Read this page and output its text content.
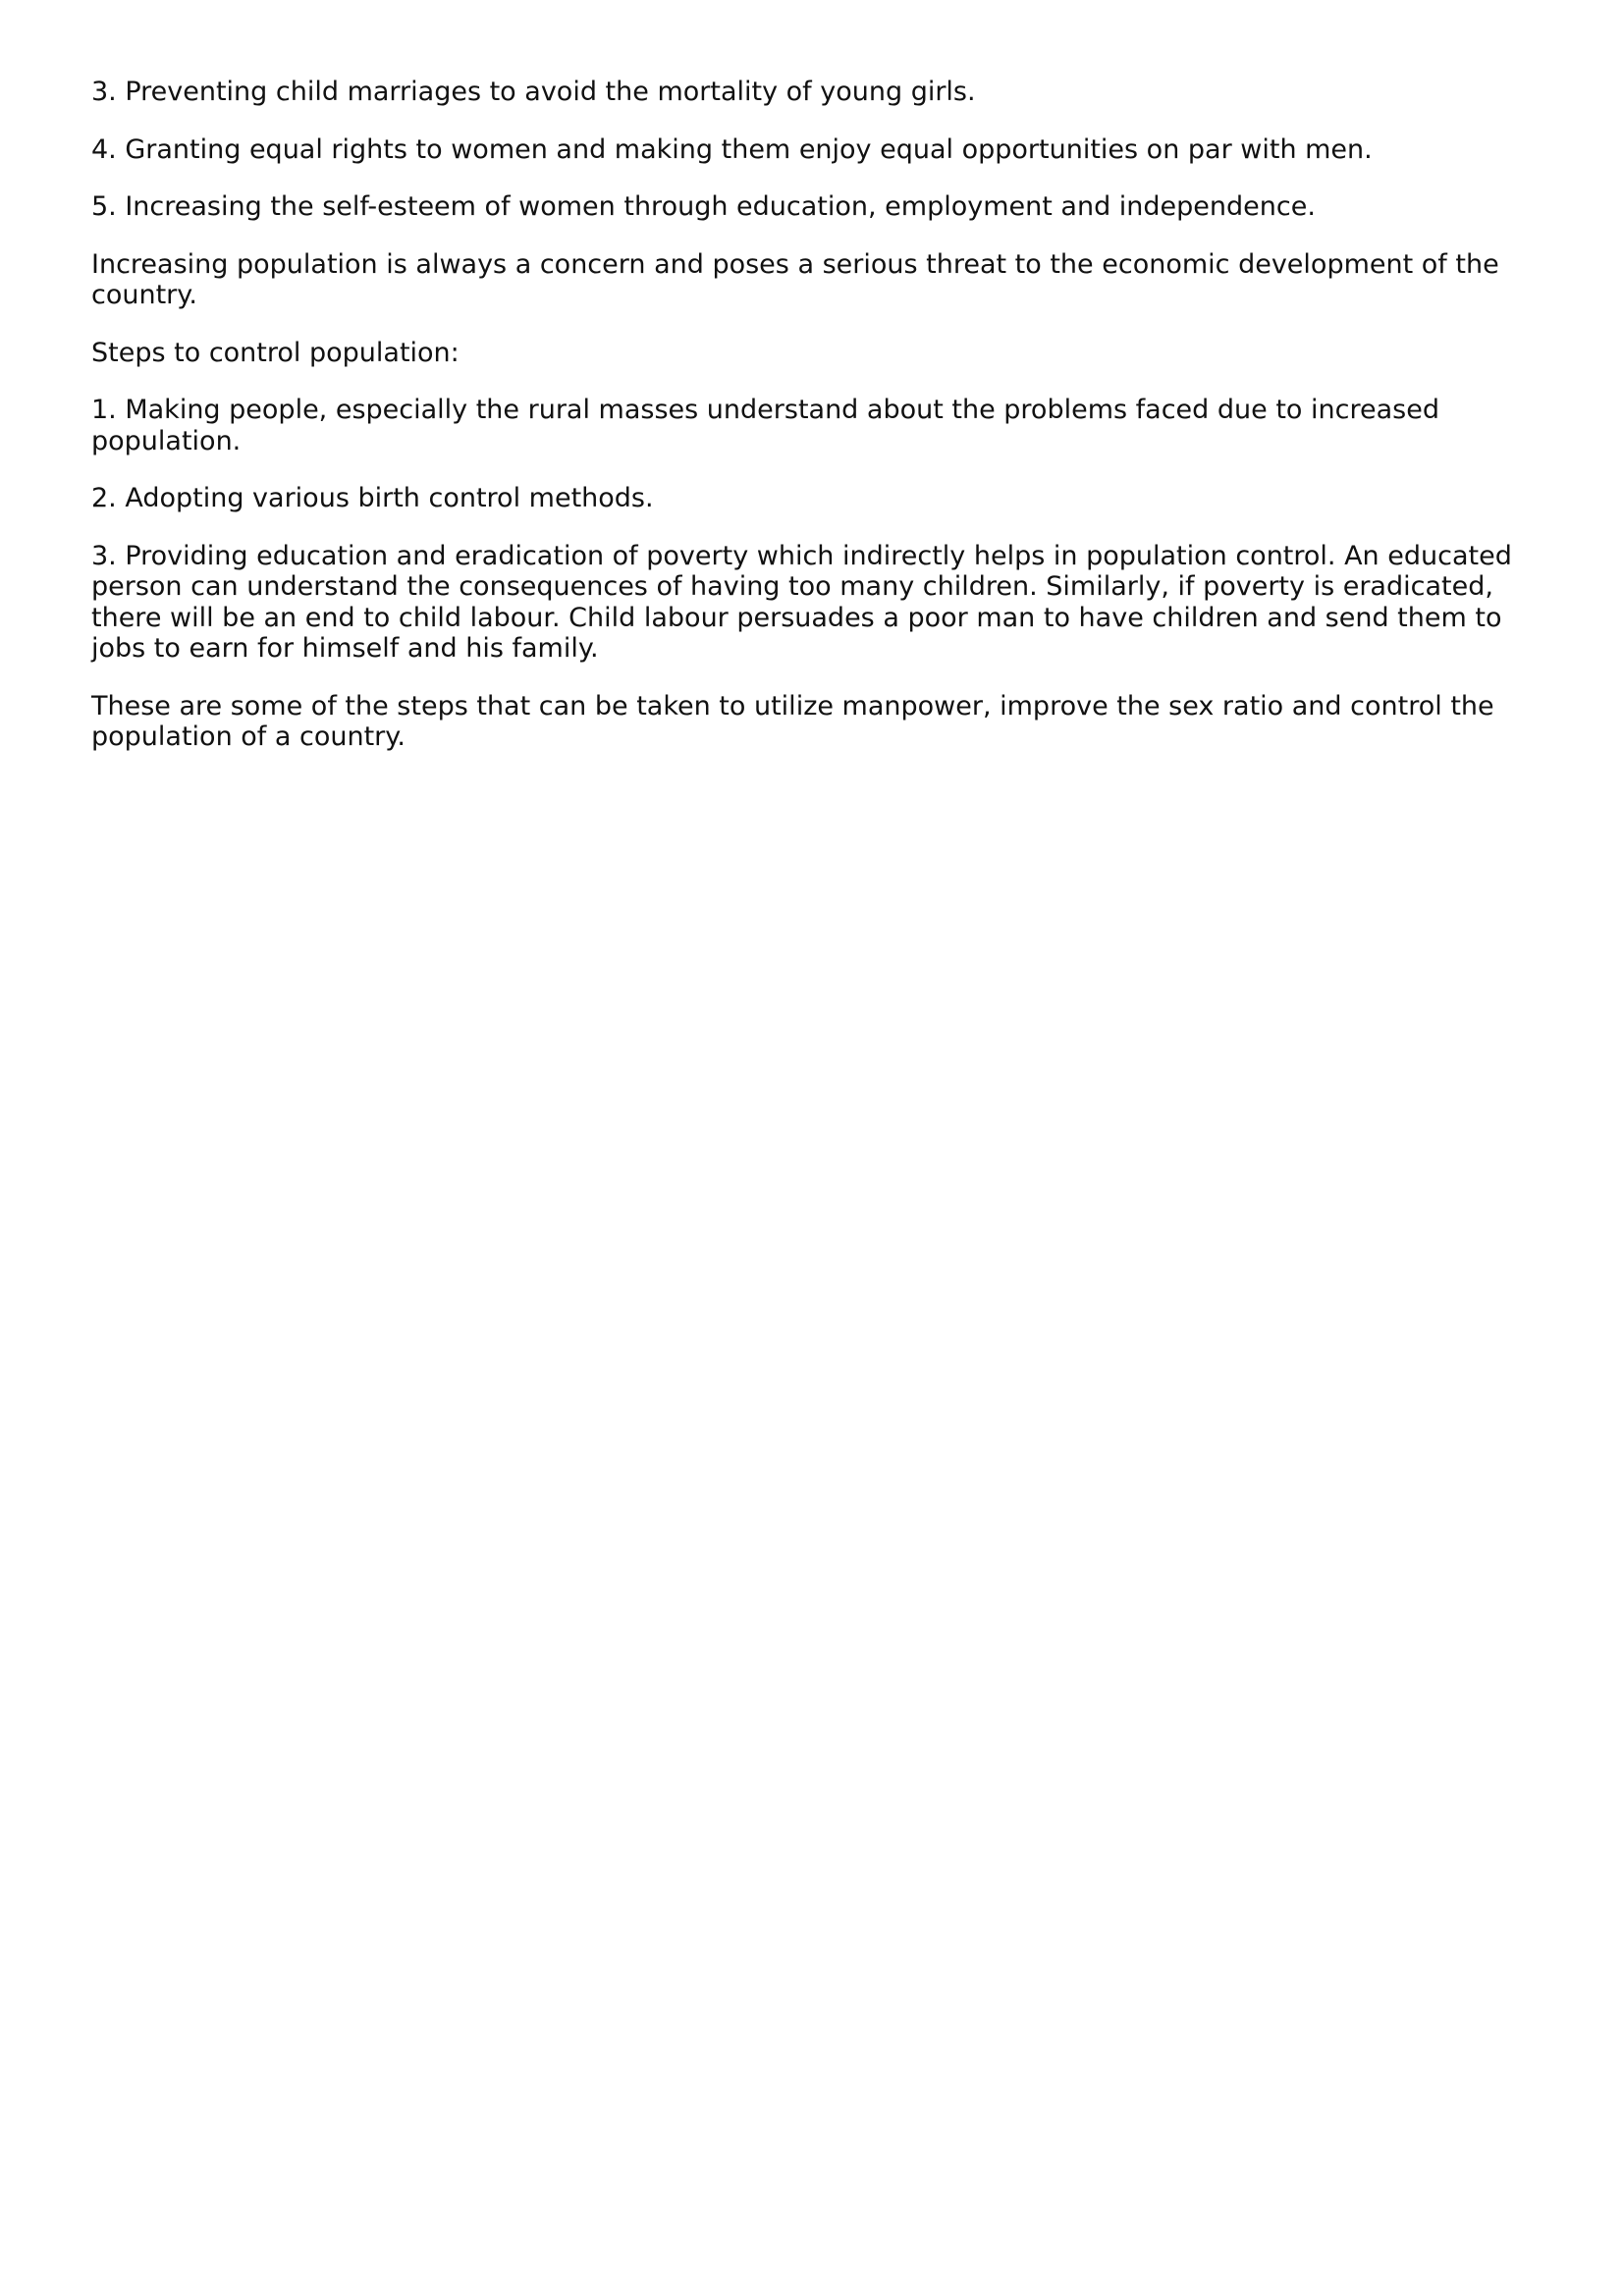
3. Preventing child marriages to avoid the mortality of young girls.

4. Granting equal rights to women and making them enjoy equal opportunities on par with men.

5. Increasing the self-esteem of women through education, employment and independence.

Increasing population is always a concern and poses a serious threat to the economic development of the country.

Steps to control population:

1. Making people, especially the rural masses understand about the problems faced due to increased population.

2. Adopting various birth control methods.

3. Providing education and eradication of poverty which indirectly helps in population control. An educated person can understand the consequences of having too many children. Similarly, if poverty is eradicated, there will be an end to child labour. Child labour persuades a poor man to have children and send them to jobs to earn for himself and his family.

These are some of the steps that can be taken to utilize manpower, improve the sex ratio and control the population of a country.
